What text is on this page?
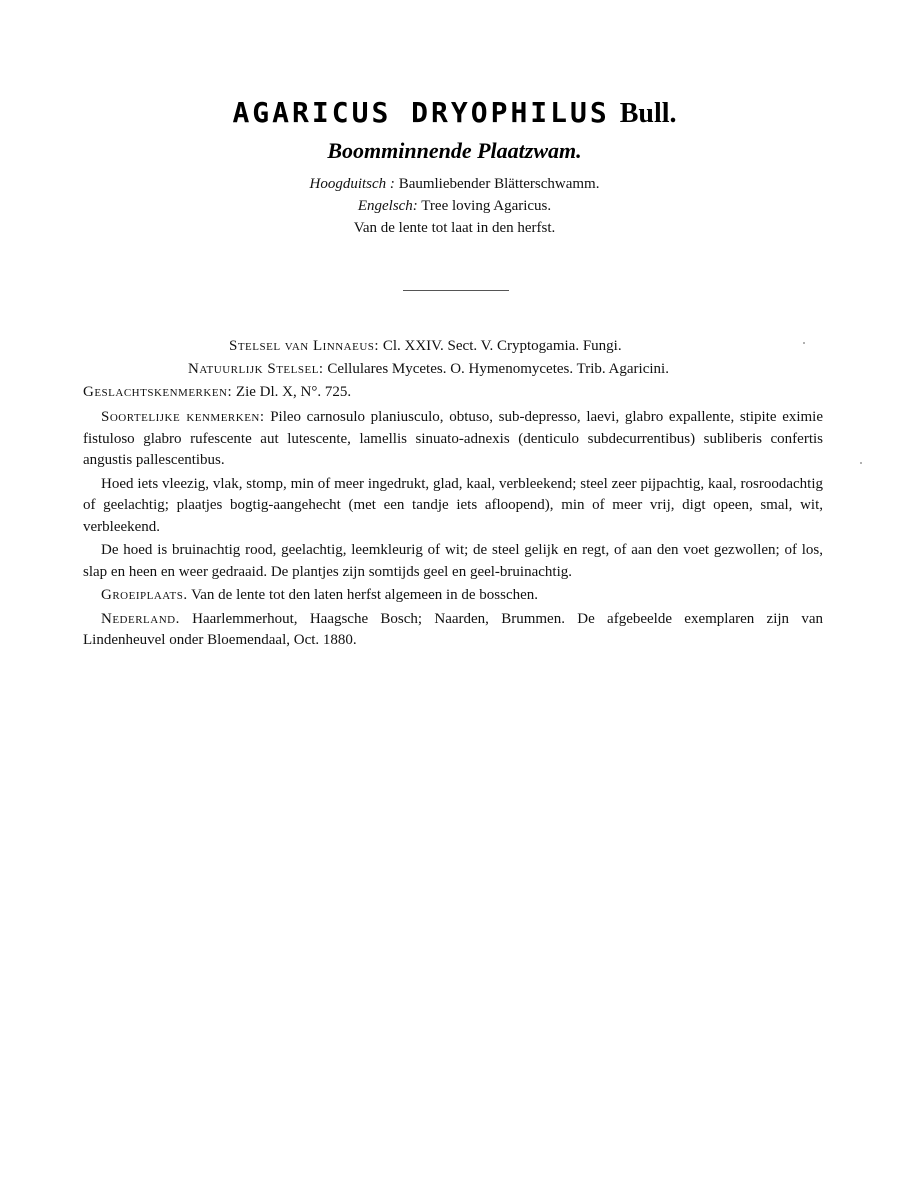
AGARICUS DRYOPHILUS Bull.
Boomminnende Plaatzwam.
Hoogduitsch : Baumliebender Blätterschwamm.
Engelsch: Tree loving Agaricus.
Van de lente tot laat in den herfst.
Stelsel van Linnaeus: Cl. XXIV. Sect. V. Cryptogamia. Fungi.
Natuurlijk Stelsel: Cellulares Mycetes. O. Hymenomycetes. Trib. Agaricini.
Geslachtskenmerken: Zie Dl. X, N°. 725.

Soortelijke kenmerken: Pileo carnosulo planiusculo, obtuso, sub-depresso, laevi, glabro expallente, stipite eximie fistuloso glabro rufescente aut lutescente, lamellis sinuato-adnexis (denticulo subdecurrentibus) subliberis confertis angustis pallescentibus.

Hoed iets vleezig, vlak, stomp, min of meer ingedrukt, glad, kaal, verbleekend; steel zeer pijpachtig, kaal, rosroodachtig of geelachtig; plaatjes bogtig-aangehecht (met een tandje iets afloopend), min of meer vrij, digt opeen, smal, wit, verbleekend.

De hoed is bruinachtig rood, geelachtig, leemkleurig of wit; de steel gelijk en regt, of aan den voet gezwollen; of los, slap en heen en weer gedraaid. De plantjes zijn somtijds geel en geel-bruinachtig.

Groeiplaats. Van de lente tot den laten herfst algemeen in de bosschen.

Nederland. Haarlemmerhout, Haagsche Bosch; Naarden, Brummen. De afgebeelde exemplaren zijn van Lindenheuvel onder Bloemendaal, Oct. 1880.
